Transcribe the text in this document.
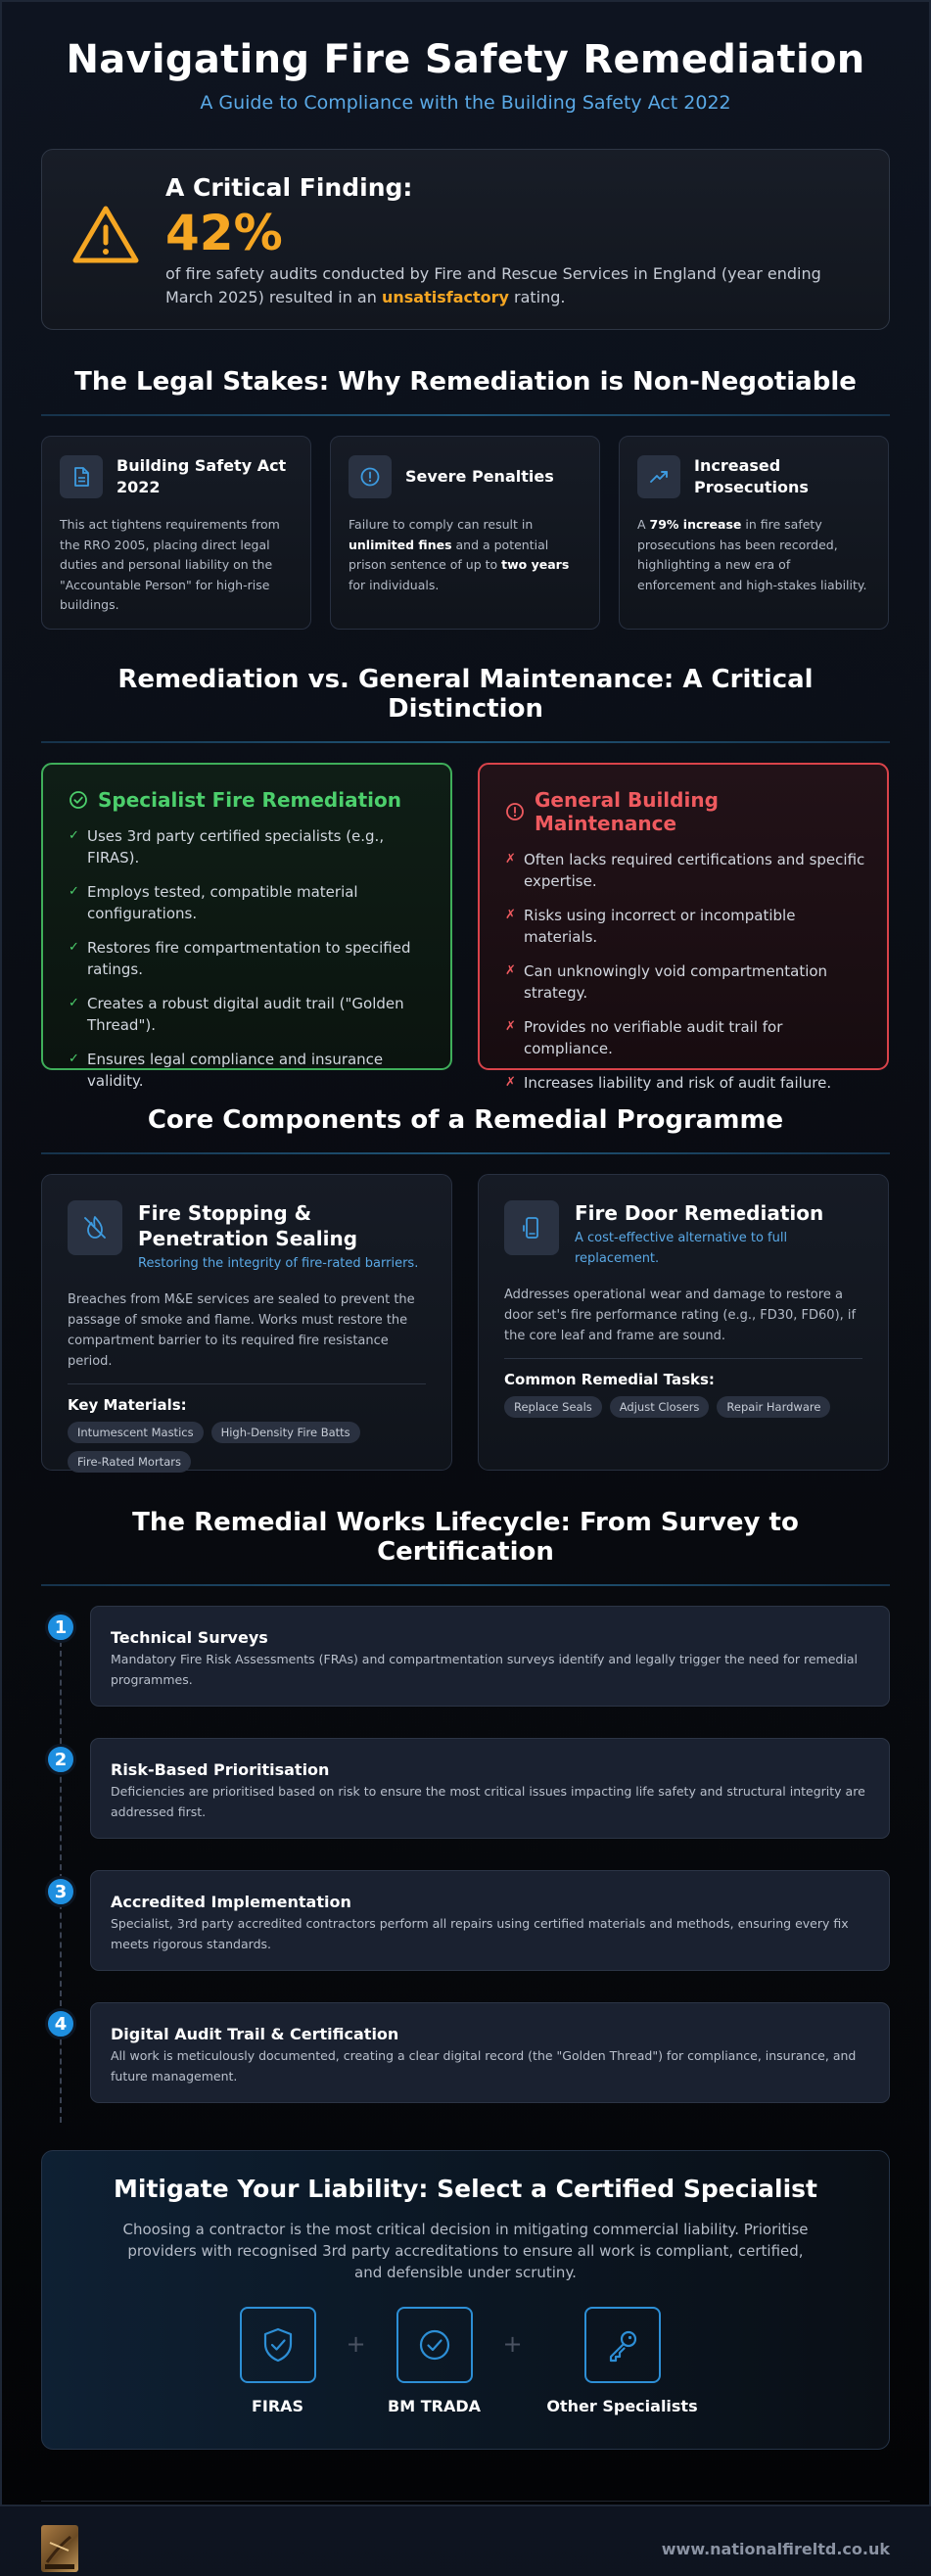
Navigating Fire Safety Remediation
A Guide to Compliance with the Building Safety Act 2022
A Critical Finding:
42%
of fire safety audits conducted by Fire and Rescue Services in England (year ending March 2025) resulted in an unsatisfactory rating.
The Legal Stakes: Why Remediation is Non-Negotiable
Building Safety Act 2022
This act tightens requirements from the RRO 2005, placing direct legal duties and personal liability on the "Accountable Person" for high-rise buildings.
Severe Penalties
Failure to comply can result in unlimited fines and a potential prison sentence of up to two years for individuals.
Increased Prosecutions
A 79% increase in fire safety prosecutions has been recorded, highlighting a new era of enforcement and high-stakes liability.
Remediation vs. General Maintenance: A Critical Distinction
Specialist Fire Remediation
✓ Uses 3rd party certified specialists (e.g., FIRAS).
✓ Employs tested, compatible material configurations.
✓ Restores fire compartmentation to specified ratings.
✓ Creates a robust digital audit trail ("Golden Thread").
✓ Ensures legal compliance and insurance validity.
General Building Maintenance
✗ Often lacks required certifications and specific expertise.
✗ Risks using incorrect or incompatible materials.
✗ Can unknowingly void compartmentation strategy.
✗ Provides no verifiable audit trail for compliance.
✗ Increases liability and risk of audit failure.
Core Components of a Remedial Programme
Fire Stopping & Penetration Sealing
Restoring the integrity of fire-rated barriers.
Breaches from M&E services are sealed to prevent the passage of smoke and flame. Works must restore the compartment barrier to its required fire resistance period.
Key Materials:
Intumescent Mastics	High-Density Fire Batts
Fire-Rated Mortars
Fire Door Remediation
A cost-effective alternative to full replacement.
Addresses operational wear and damage to restore a door set's fire performance rating (e.g., FD30, FD60), if the core leaf and frame are sound.
Common Remedial Tasks:
Replace Seals	Adjust Closers	Repair Hardware
The Remedial Works Lifecycle: From Survey to Certification
1	Technical Surveys
Mandatory Fire Risk Assessments (FRAs) and compartmentation surveys identify and legally trigger the need for remedial programmes.
2	Risk-Based Prioritisation
Deficiencies are prioritised based on risk to ensure the most critical issues impacting life safety and structural integrity are addressed first.
3	Accredited Implementation
Specialist, 3rd party accredited contractors perform all repairs using certified materials and methods, ensuring every fix meets rigorous standards.
4	Digital Audit Trail & Certification
All work is meticulously documented, creating a clear digital record (the "Golden Thread") for compliance, insurance, and future management.
Mitigate Your Liability: Select a Certified Specialist
Choosing a contractor is the most critical decision in mitigating commercial liability. Prioritise providers with recognised 3rd party accreditations to ensure all work is compliant, certified, and defensible under scrutiny.
FIRAS
+
BM TRADA
+
Other Specialists
www.nationalfireltd.co.uk
